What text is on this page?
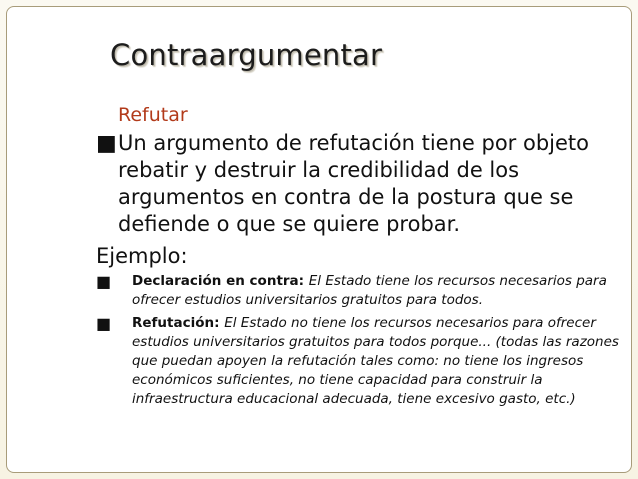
Contraargumentar

Refutar

■ Un argumento de refutación tiene por objeto rebatir y destruir la credibilidad de los argumentos en contra de la postura que se defiende o que se quiere probar.

Ejemplo:

■ Declaración en contra: El Estado tiene los recursos necesarios para ofrecer estudios universitarios gratuitos para todos.
■ Refutación: El Estado no tiene los recursos necesarios para ofrecer estudios universitarios gratuitos para todos porque... (todas las razones que puedan apoyen la refutación tales como: no tiene los ingresos económicos suficientes, no tiene capacidad para construir la infraestructura educacional adecuada, tiene excesivo gasto, etc.)
